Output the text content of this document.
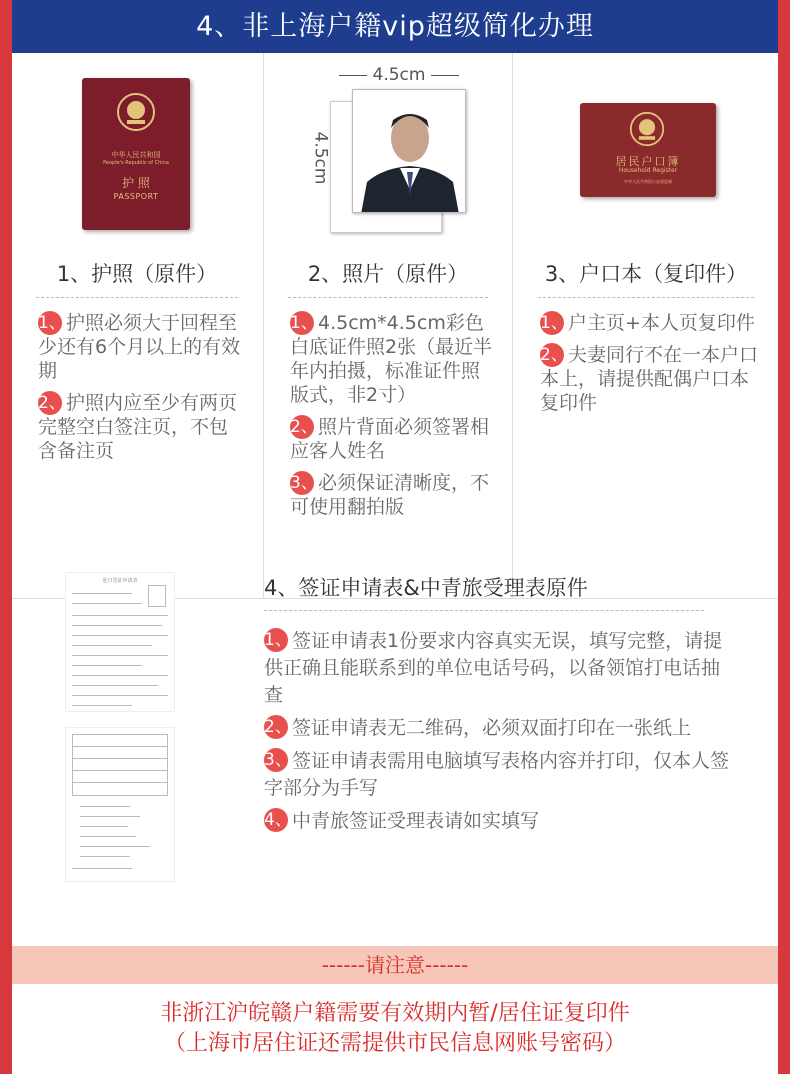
4、非上海户籍vip超级简化办理
中华人民共和国
People's Republic of China
护 照
PASSPORT
1、护照（原件）
1、护照必须大于回程至少还有6个月以上的有效期
2、护照内应至少有两页完整空白签注页，不包含备注页
4.5cm
4.5cm
2、照片（原件）
1、4.5cm*4.5cm彩色白底证件照2张（最近半年内拍摄，标准证件照版式，非2寸）
2、照片背面必须签署相应客人姓名
3、必须保证清晰度，不可使用翻拍版
居民户口簿
Household Register
中华人民共和国公安部监制
3、户口本（复印件）
1、户主页+本人页复印件
2、夫妻同行不在一本户口本上，请提供配偶户口本复印件
赴日签证申请表	4、签证申请表&中青旅受理表原件
1、签证申请表1份要求内容真实无误，填写完整，请提供正确且能联系到的单位电话号码，以备领馆打电话抽查
2、签证申请表无二维码，必须双面打印在一张纸上
3、签证申请表需用电脑填写表格内容并打印，仅本人签字部分为手写
4、中青旅签证受理表请如实填写
------请注意------
非浙江沪皖赣户籍需要有效期内暂/居住证复印件
（上海市居住证还需提供市民信息网账号密码）
